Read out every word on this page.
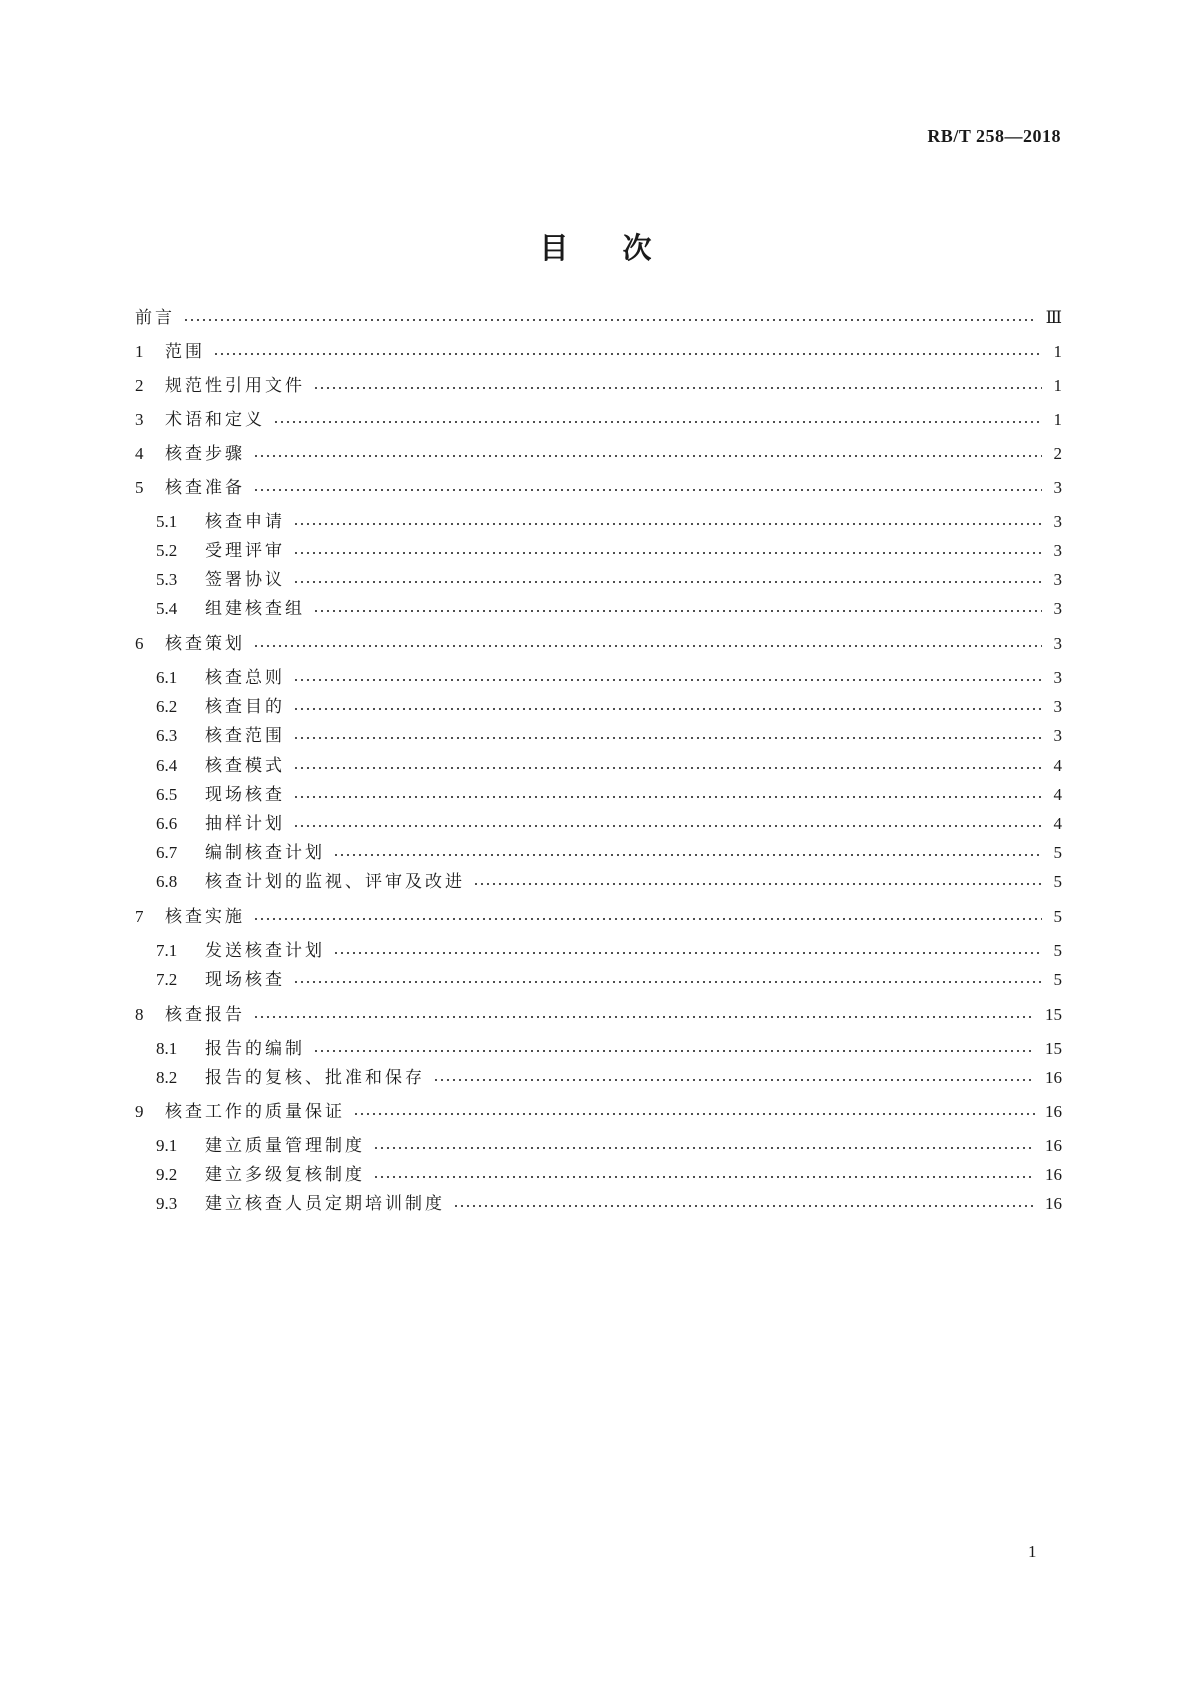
RB/T 258—2018
目次
前言	Ⅲ
1	范围	1
2	规范性引用文件	1
3	术语和定义	1
4	核查步骤	2
5	核查准备	3
5.1	核查申请	3
5.2	受理评审	3
5.3	签署协议	3
5.4	组建核查组	3
6	核查策划	3
6.1	核查总则	3
6.2	核查目的	3
6.3	核查范围	3
6.4	核查模式	4
6.5	现场核查	4
6.6	抽样计划	4
6.7	编制核查计划	5
6.8	核查计划的监视、评审及改进	5
7	核查实施	5
7.1	发送核查计划	5
7.2	现场核查	5
8	核查报告	15
8.1	报告的编制	15
8.2	报告的复核、批准和保存	16
9	核查工作的质量保证	16
9.1	建立质量管理制度	16
9.2	建立多级复核制度	16
9.3	建立核查人员定期培训制度	16
1
